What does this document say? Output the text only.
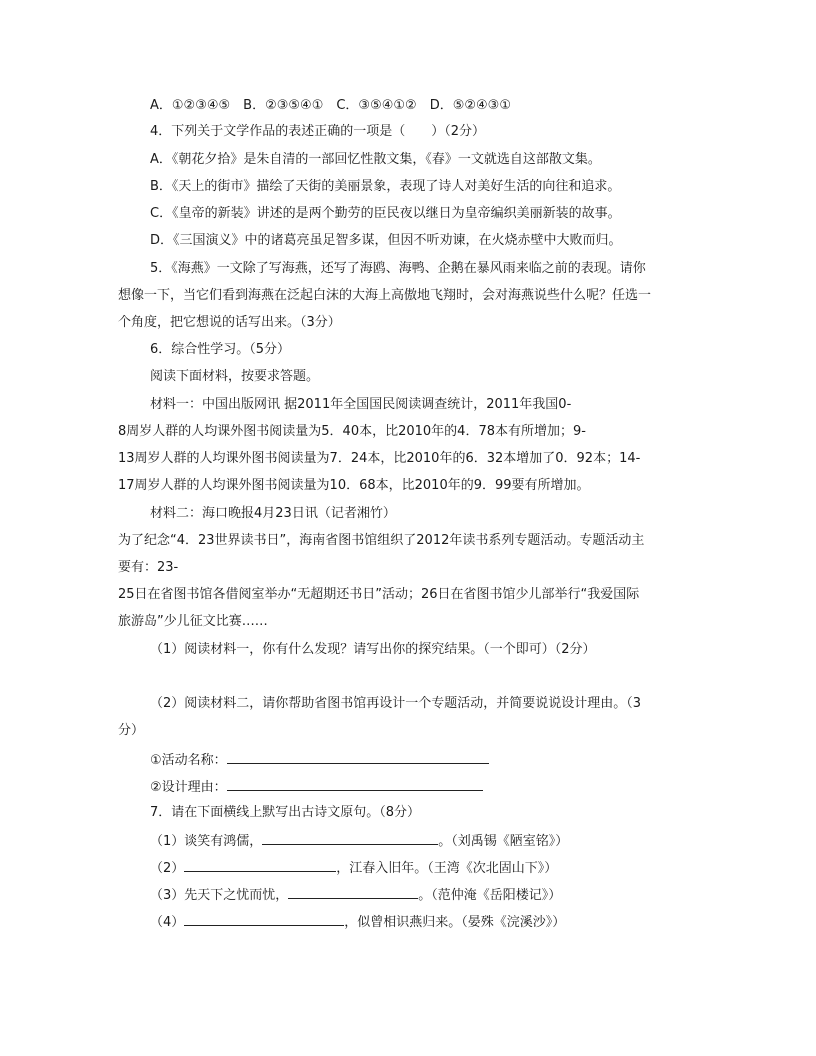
A．①②③④⑤　B．②③⑤④①　C．③⑤④①②　D．⑤②④③①
4．下列关于文学作品的表述正确的一项是（　　）（2分）
A．《朝花夕拾》是朱自清的一部回忆性散文集，《春》一文就选自这部散文集。
B．《天上的街市》描绘了天街的美丽景象，表现了诗人对美好生活的向往和追求。
C．《皇帝的新装》讲述的是两个勤劳的臣民夜以继日为皇帝编织美丽新装的故事。
D．《三国演义》中的诸葛亮虽足智多谋，但因不听劝谏，在火烧赤壁中大败而归。
5．《海燕》一文除了写海燕，还写了海鸥、海鸭、企鹅在暴风雨来临之前的表现。请你
想像一下，当它们看到海燕在泛起白沫的大海上高傲地飞翔时，会对海燕说些什么呢？任选一
个角度，把它想说的话写出来。（3分）
6．综合性学习。（5分）
阅读下面材料，按要求答题。
材料一：中国出版网讯 据2011年全国国民阅读调查统计，2011年我国0-
8周岁人群的人均课外图书阅读量为5．40本，比2010年的4．78本有所增加；9-
13周岁人群的人均课外图书阅读量为7．24本，比2010年的6．32本增加了0．92本；14-
17周岁人群的人均课外图书阅读量为10．68本，比2010年的9．99要有所增加。
材料二：海口晚报4月23日讯（记者湘竹）
为了纪念“4．23世界读书日”，海南省图书馆组织了2012年读书系列专题活动。专题活动主
要有：23-
25日在省图书馆各借阅室举办“无超期还书日”活动；26日在省图书馆少儿部举行“我爱国际
旅游岛”少儿征文比赛……
（1）阅读材料一，你有什么发现？请写出你的探究结果。（一个即可）（2分）
（2）阅读材料二，请你帮助省图书馆再设计一个专题活动，并简要说说设计理由。（3
分）
①活动名称：
②设计理由：
7．请在下面横线上默写出古诗文原句。（8分）
（1）谈笑有鸿儒，	。（刘禹锡《陋室铭》）
（2）	，江春入旧年。（王湾《次北固山下》）
（3）先天下之忧而忧，	。（范仲淹《岳阳楼记》）
（4）	，似曾相识燕归来。（晏殊《浣溪沙》）
